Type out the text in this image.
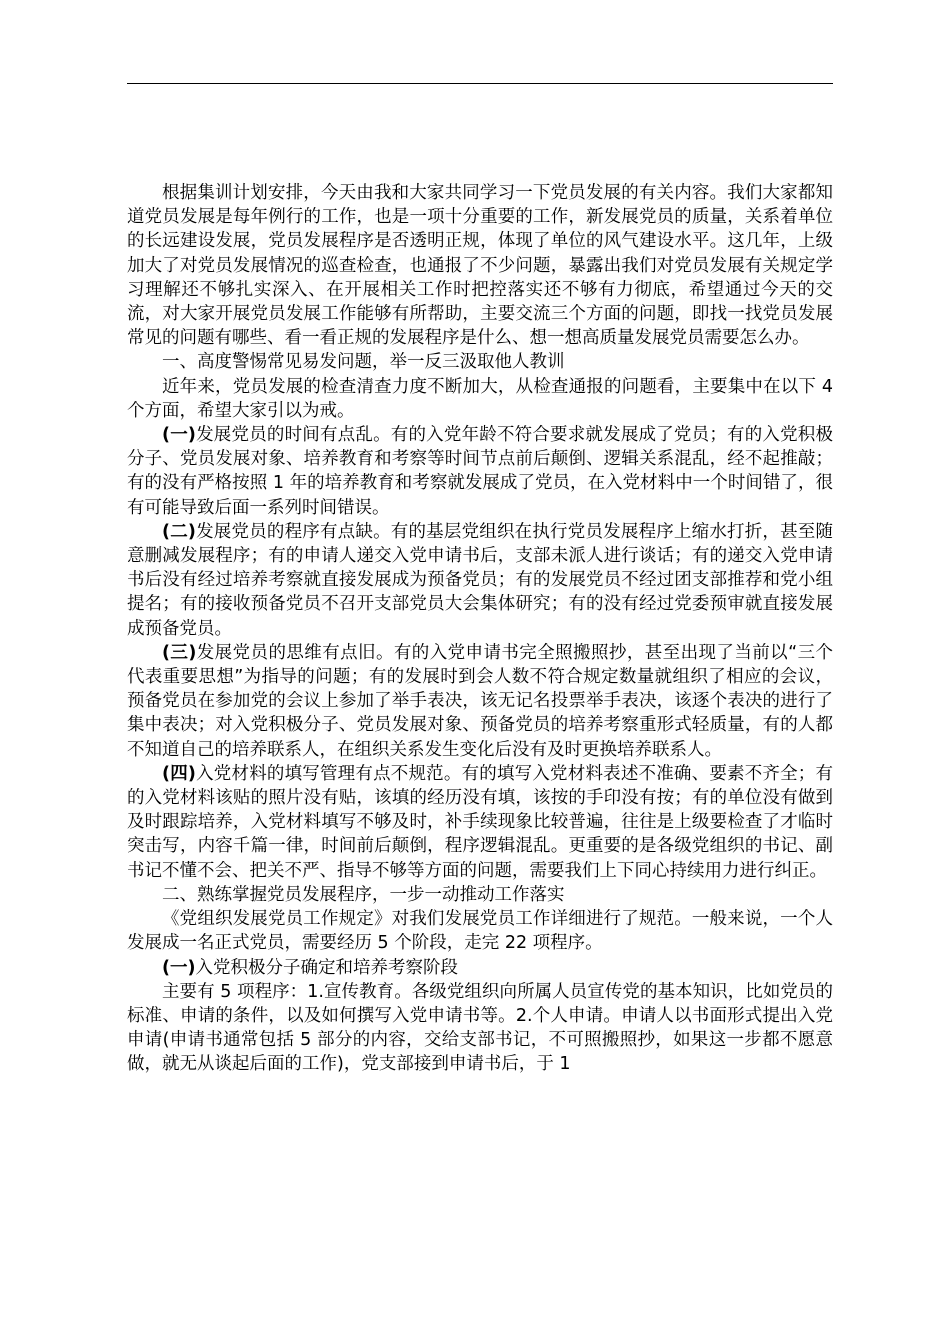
根据集训计划安排，今天由我和大家共同学习一下党员发展的有关内容。我们大家都知道党员发展是每年例行的工作，也是一项十分重要的工作，新发展党员的质量，关系着单位的长远建设发展，党员发展程序是否透明正规，体现了单位的风气建设水平。这几年，上级加大了对党员发展情况的巡查检查，也通报了不少问题，暴露出我们对党员发展有关规定学习理解还不够扎实深入、在开展相关工作时把控落实还不够有力彻底，希望通过今天的交流，对大家开展党员发展工作能够有所帮助，主要交流三个方面的问题，即找一找党员发展常见的问题有哪些、看一看正规的发展程序是什么、想一想高质量发展党员需要怎么办。

一、高度警惕常见易发问题，举一反三汲取他人教训

近年来，党员发展的检查清查力度不断加大，从检查通报的问题看，主要集中在以下 4 个方面，希望大家引以为戒。

(一)发展党员的时间有点乱。有的入党年龄不符合要求就发展成了党员；有的入党积极分子、党员发展对象、培养教育和考察等时间节点前后颠倒、逻辑关系混乱，经不起推敲；有的没有严格按照 1 年的培养教育和考察就发展成了党员，在入党材料中一个时间错了，很有可能导致后面一系列时间错误。

(二)发展党员的程序有点缺。有的基层党组织在执行党员发展程序上缩水打折，甚至随意删减发展程序；有的申请人递交入党申请书后，支部未派人进行谈话；有的递交入党申请书后没有经过培养考察就直接发展成为预备党员；有的发展党员不经过团支部推荐和党小组提名；有的接收预备党员不召开支部党员大会集体研究；有的没有经过党委预审就直接发展成预备党员。

(三)发展党员的思维有点旧。有的入党申请书完全照搬照抄，甚至出现了当前以“三个代表重要思想”为指导的问题；有的发展时到会人数不符合规定数量就组织了相应的会议，预备党员在参加党的会议上参加了举手表决，该无记名投票举手表决，该逐个表决的进行了集中表决；对入党积极分子、党员发展对象、预备党员的培养考察重形式轻质量，有的人都不知道自己的培养联系人，在组织关系发生变化后没有及时更换培养联系人。

(四)入党材料的填写管理有点不规范。有的填写入党材料表述不准确、要素不齐全；有的入党材料该贴的照片没有贴，该填的经历没有填，该按的手印没有按；有的单位没有做到及时跟踪培养，入党材料填写不够及时，补手续现象比较普遍，往往是上级要检查了才临时突击写，内容千篇一律，时间前后颠倒，程序逻辑混乱。更重要的是各级党组织的书记、副书记不懂不会、把关不严、指导不够等方面的问题，需要我们上下同心持续用力进行纠正。

二、熟练掌握党员发展程序，一步一动推动工作落实

《党组织发展党员工作规定》对我们发展党员工作详细进行了规范。一般来说，一个人发展成一名正式党员，需要经历 5 个阶段，走完 22 项程序。

(一)入党积极分子确定和培养考察阶段

主要有 5 项程序：1.宣传教育。各级党组织向所属人员宣传党的基本知识，比如党员的标准、申请的条件，以及如何撰写入党申请书等。2.个人申请。申请人以书面形式提出入党申请(申请书通常包括 5 部分的内容，交给支部书记，不可照搬照抄，如果这一步都不愿意做，就无从谈起后面的工作)，党支部接到申请书后，于 1
